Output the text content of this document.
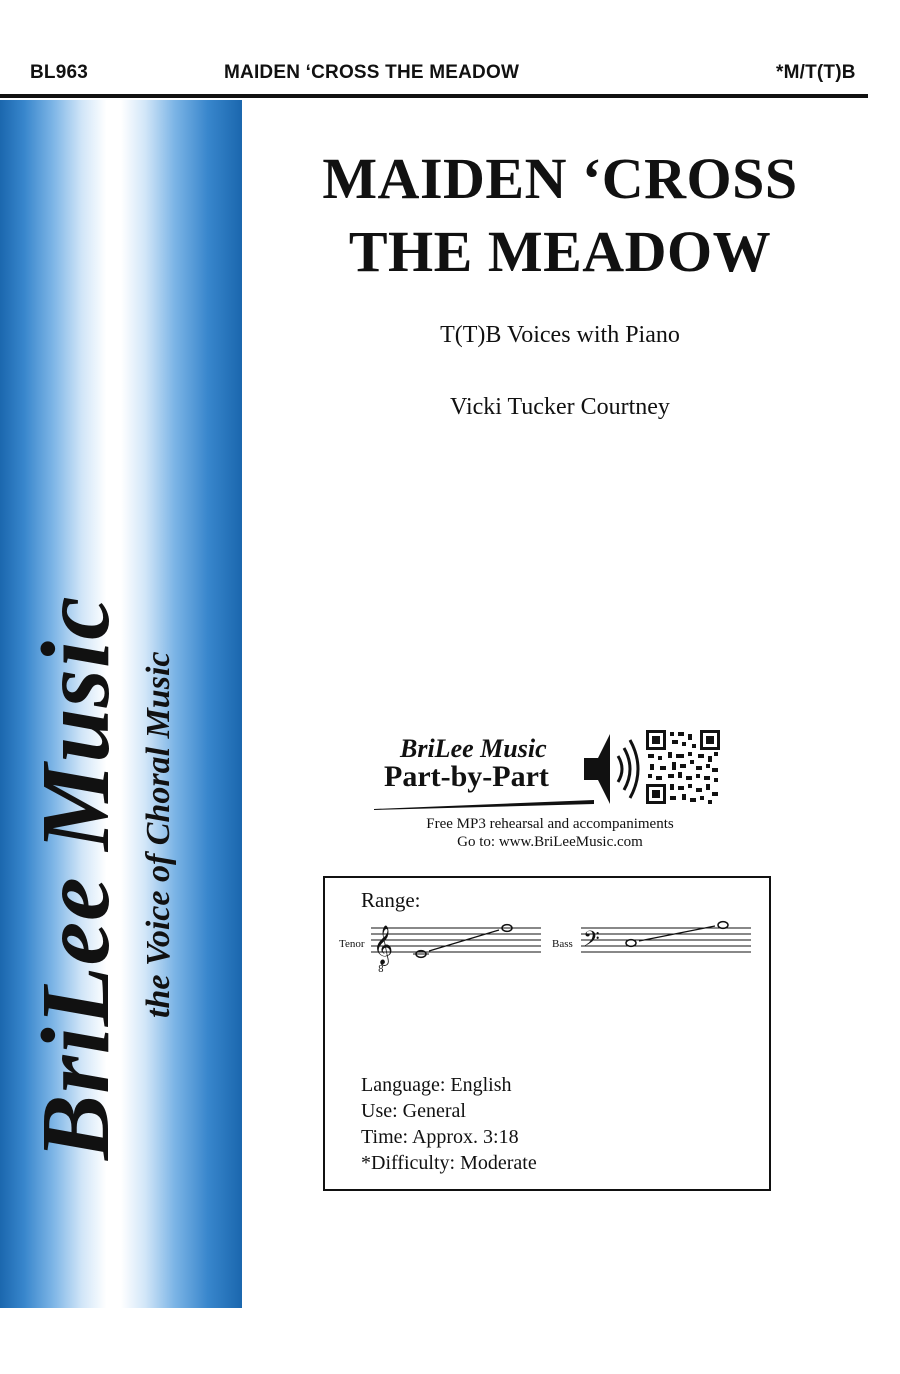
BL963	MAIDEN ‘CROSS THE MEADOW	*M/T(T)B
BriLee Music the Voice of Choral Music
MAIDEN ‘CROSS
THE MEADOW
T(T)B Voices with Piano
Vicki Tucker Courtney
BriLee Music
Part-by-Part
Free MP3 rehearsal and accompaniments
Go to: www.BriLeeMusic.com
Range:
Tenor	Bass
𝄞
8
𝄢
Language: English
Use: General
Time: Approx. 3:18
*Difficulty: Moderate
